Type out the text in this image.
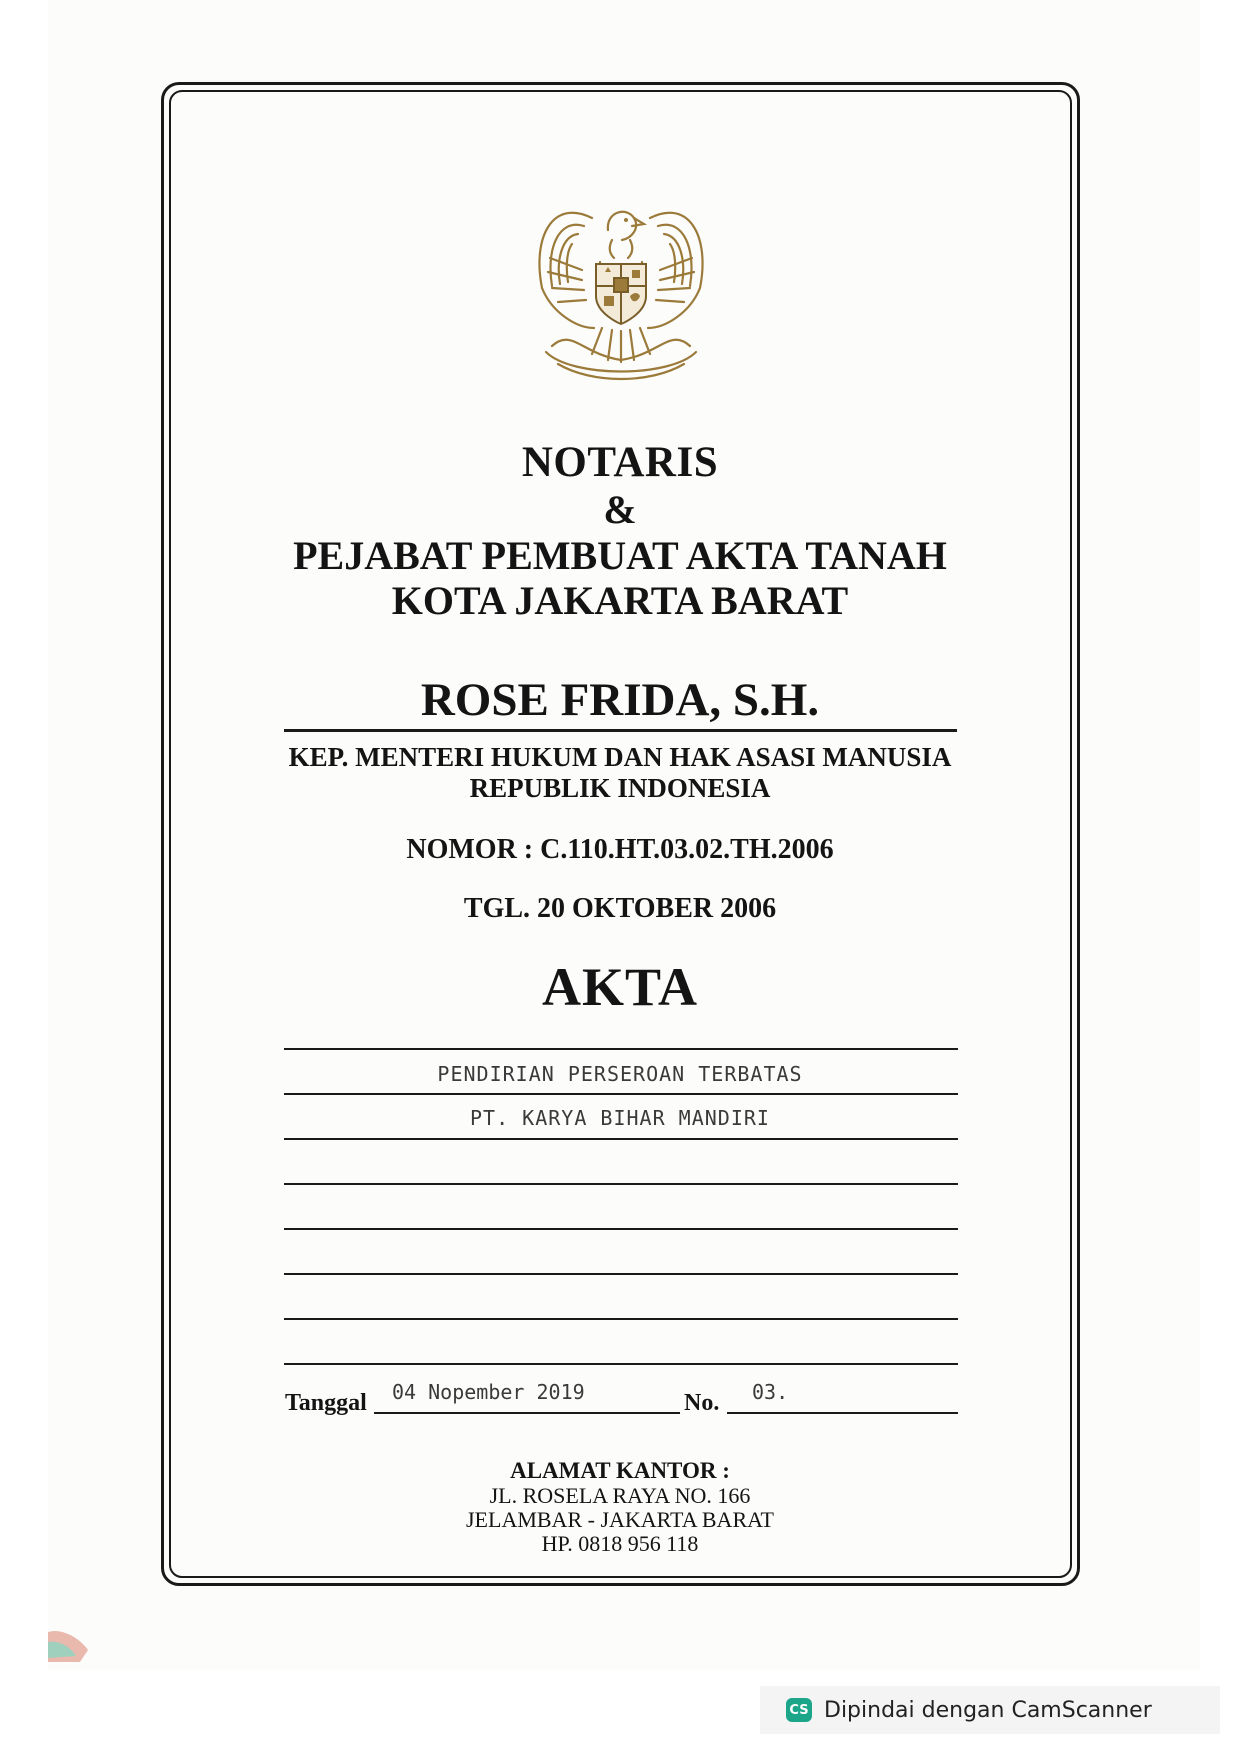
NOTARIS
&
PEJABAT PEMBUAT AKTA TANAH
KOTA JAKARTA BARAT
ROSE FRIDA, S.H.
KEP. MENTERI HUKUM DAN HAK ASASI MANUSIA
REPUBLIK INDONESIA
NOMOR : C.110.HT.03.02.TH.2006
TGL. 20 OKTOBER 2006
AKTA
PENDIRIAN PERSEROAN TERBATAS
PT. KARYA BIHAR MANDIRI
Tanggal 04 Nopember 2019	No. 03.
ALAMAT KANTOR :
JL. ROSELA RAYA NO. 166
JELAMBAR - JAKARTA BARAT
HP. 0818 956 118
CS Dipindai dengan CamScanner
